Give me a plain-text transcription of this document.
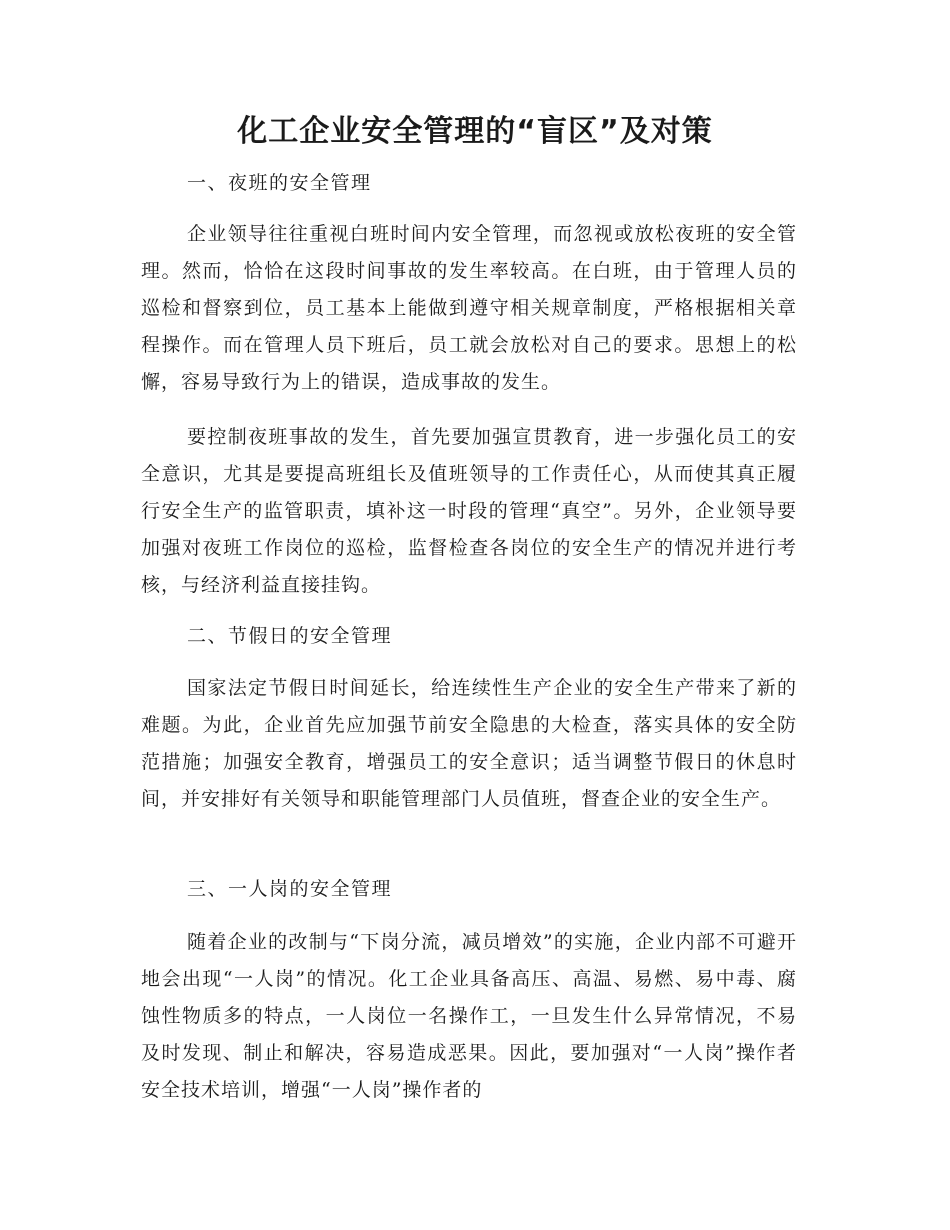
化工企业安全管理的“盲区”及对策
一、夜班的安全管理

企业领导往往重视白班时间内安全管理，而忽视或放松夜班的安全管理。然而，恰恰在这段时间事故的发生率较高。在白班，由于管理人员的巡检和督察到位，员工基本上能做到遵守相关规章制度，严格根据相关章程操作。而在管理人员下班后，员工就会放松对自己的要求。思想上的松懈，容易导致行为上的错误，造成事故的发生。

要控制夜班事故的发生，首先要加强宣贯教育，进一步强化员工的安全意识，尤其是要提高班组长及值班领导的工作责任心，从而使其真正履行安全生产的监管职责，填补这一时段的管理“真空”。另外，企业领导要加强对夜班工作岗位的巡检，监督检查各岗位的安全生产的情况并进行考核，与经济利益直接挂钩。

二、节假日的安全管理

国家法定节假日时间延长，给连续性生产企业的安全生产带来了新的难题。为此，企业首先应加强节前安全隐患的大检查，落实具体的安全防范措施；加强安全教育，增强员工的安全意识；适当调整节假日的休息时间，并安排好有关领导和职能管理部门人员值班，督查企业的安全生产。

三、一人岗的安全管理

随着企业的改制与“下岗分流，减员增效”的实施，企业内部不可避开地会出现“一人岗”的情况。化工企业具备高压、高温、易燃、易中毒、腐蚀性物质多的特点，一人岗位一名操作工，一旦发生什么异常情况，不易及时发现、制止和解决，容易造成恶果。因此，要加强对“一人岗”操作者安全技术培训，增强“一人岗”操作者的
